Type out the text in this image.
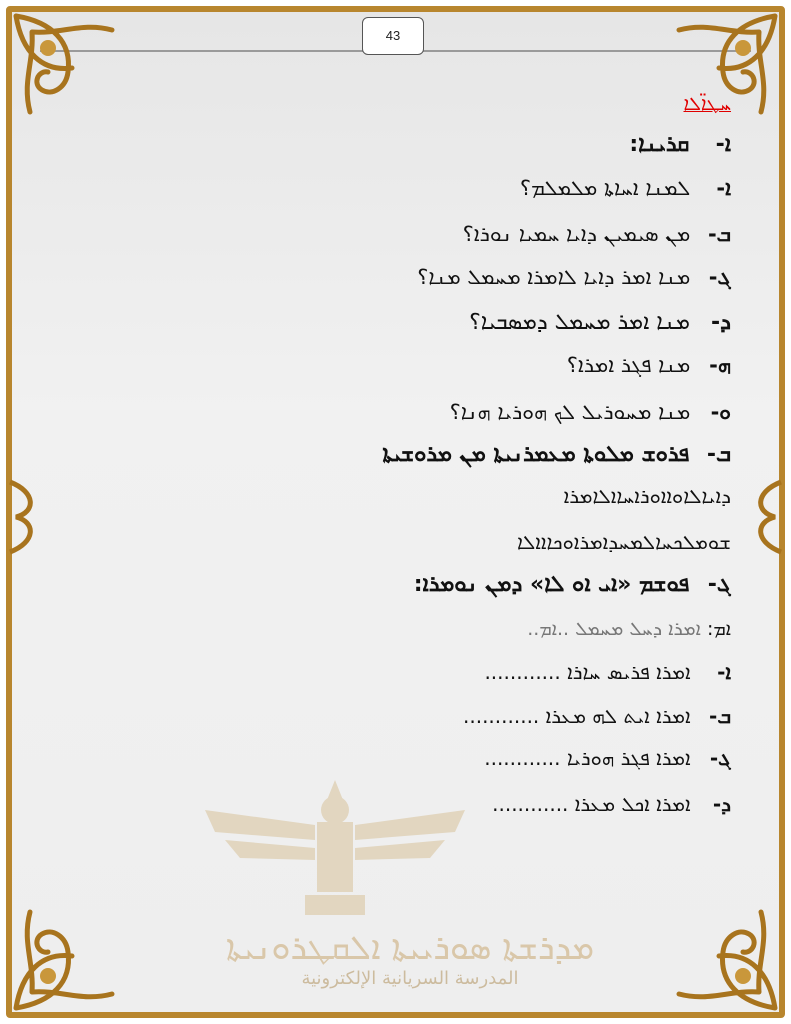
43
ܡܕܪܫܬܐ ܣܘܪܝܝܬܐ ܐܠܩܛܪܘܢܝܬܐ
المدرسة السريانية الإلكترونية
ܚܛܐ̈ܠܐ
ܐ- ܩܪܝܢܐ:
ܐ- ܠܡܢܐ ܐܚܐܬܐ ܡܠܡܠܡ؟
ܒ- ܡܢ ܣܝܡܝܢ ܕܐܝܐ ܚܡܝܐ ܢܘܪܐ؟
ܓ- ܡܢܐ ܐܡܪ ܕܐܝܐ ܠܐܡܪܐ ܡܚܡܠ ܡܢܐ؟
ܕ- ܡܢܐ ܐܡܪ ܡܚܡܠ ܕܡܣܒܝܐ؟
ܗ- ܡܢܐ ܦܓܪ ܐܡܪܐ؟
ܘ- ܡܢܐ ܡܚܘܪܝܠ ܠܟ ܗܘܪܝܐ ܗܢܐ؟
ܒ- ܦܪܘܫ ܡܠܘܬܐ ܡܥܡܪܢܝܬܐ ܡܢ ܡܪܘܫܝܬܐ
ܕܐܝܐܠܐܘܐܐܘܪܐܚܐܐܠܐܡܪܐ
ܫܘܡܠܟܚܐܠܡܚܕܐܡܪܐܘܟܐܐܐܠܐ
ܓ- ܦܘܫܡ «ܐܝ ܐܘ ܠܐ» ܕܡܢ ܢܘܡܪܐ:
ܐܡ: ܐܡܪܐ ܕܚܠ ܡܚܡܠ ..ܐܡ..
ܐ- ܐܡܪܐ ܦܪܝܣ ܚܐܪܐ ............
ܒ- ܐܡܪܐ ܐܝܬ ܠܗ ܡܥܪܐ ............
ܓ- ܐܡܪܐ ܦܓܪ ܗܘܪܝܐ ............
ܕ- ܐܡܪܐ ܐܟܠ ܡܥܪܐ ............
